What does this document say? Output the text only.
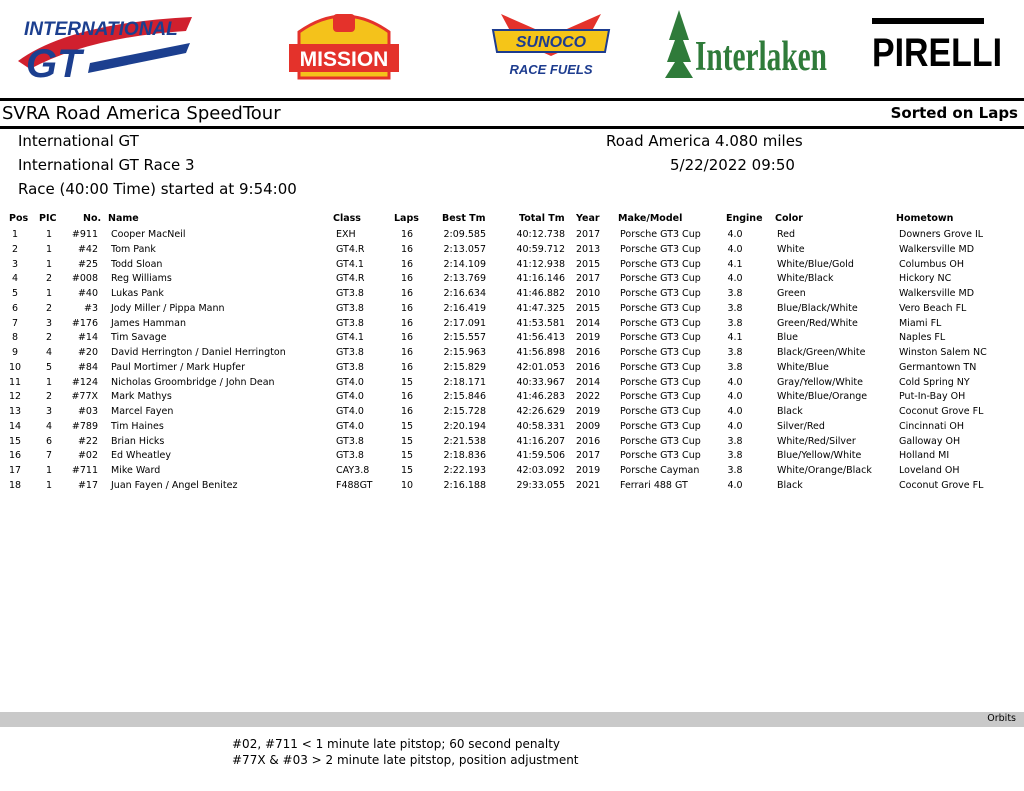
INTERNATIONAL
GT	MISSION
SUNOCO
RACE FUELS Interlaken PIRELLI
SVRA Road America SpeedTour	Sorted on Laps
International GT
International GT Race 3
Race (40:00 Time) started at 9:54:00
Road America 4.080 miles
5/22/2022 09:50
Pos PIC	No. Name	Class	Laps Best Tm	Total Tm Year Make/Model	Engine Color	Hometown
1	1	#911 Cooper MacNeil	EXH	16	2:09.585	40:12.738 2017	Porsche GT3 Cup	4.0	Red	Downers Grove IL
2	1	#42 Tom Pank	GT4.R	16	2:13.057	40:59.712 2013	Porsche GT3 Cup	4.0	White	Walkersville MD
3	1	#25 Todd Sloan	GT4.1	16	2:14.109	41:12.938 2015	Porsche GT3 Cup	4.1	White/Blue/Gold	Columbus OH
4	2	#008 Reg Williams	GT4.R	16	2:13.769	41:16.146 2017	Porsche GT3 Cup	4.0	White/Black	Hickory NC
5	1	#40 Lukas Pank	GT3.8	16	2:16.634	41:46.882 2010	Porsche GT3 Cup	3.8	Green	Walkersville MD
6	2	#3 Jody Miller / Pippa Mann	GT3.8	16	2:16.419	41:47.325 2015	Porsche GT3 Cup	3.8	Blue/Black/White	Vero Beach FL
7	3	#176 James Hamman	GT3.8	16	2:17.091	41:53.581 2014	Porsche GT3 Cup	3.8	Green/Red/White	Miami FL
8	2	#14 Tim Savage	GT4.1	16	2:15.557	41:56.413 2019	Porsche GT3 Cup	4.1	Blue	Naples FL
9	4	#20 David Herrington / Daniel Herrington	GT3.8	16	2:15.963	41:56.898 2016	Porsche GT3 Cup	3.8	Black/Green/White	Winston Salem NC
10	5	#84 Paul Mortimer / Mark Hupfer	GT3.8	16	2:15.829	42:01.053 2016	Porsche GT3 Cup	3.8	White/Blue	Germantown TN
11	1	#124 Nicholas Groombridge / John Dean	GT4.0	15	2:18.171	40:33.967 2014	Porsche GT3 Cup	4.0	Gray/Yellow/White	Cold Spring NY
12	2	#77X Mark Mathys	GT4.0	16	2:15.846	41:46.283 2022	Porsche GT3 Cup	4.0	White/Blue/Orange	Put-In-Bay OH
13	3	#03 Marcel Fayen	GT4.0	16	2:15.728	42:26.629 2019	Porsche GT3 Cup	4.0	Black	Coconut Grove FL
14	4	#789 Tim Haines	GT4.0	15	2:20.194	40:58.331 2009	Porsche GT3 Cup	4.0	Silver/Red	Cincinnati OH
15	6	#22 Brian Hicks	GT3.8	15	2:21.538	41:16.207 2016	Porsche GT3 Cup	3.8	White/Red/Silver	Galloway OH
16	7	#02 Ed Wheatley	GT3.8	15	2:18.836	41:59.506 2017	Porsche GT3 Cup	3.8	Blue/Yellow/White	Holland MI
17	1	#711 Mike Ward	CAY3.8	15	2:22.193	42:03.092 2019	Porsche Cayman	3.8	White/Orange/Black	Loveland OH
18	1	#17 Juan Fayen / Angel Benitez	F488GT	10	2:16.188	29:33.055 2021	Ferrari 488 GT	4.0	Black	Coconut Grove FL
Orbits
#02, #711 < 1 minute late pitstop; 60 second penalty
#77X & #03 > 2 minute late pitstop, position adjustment
